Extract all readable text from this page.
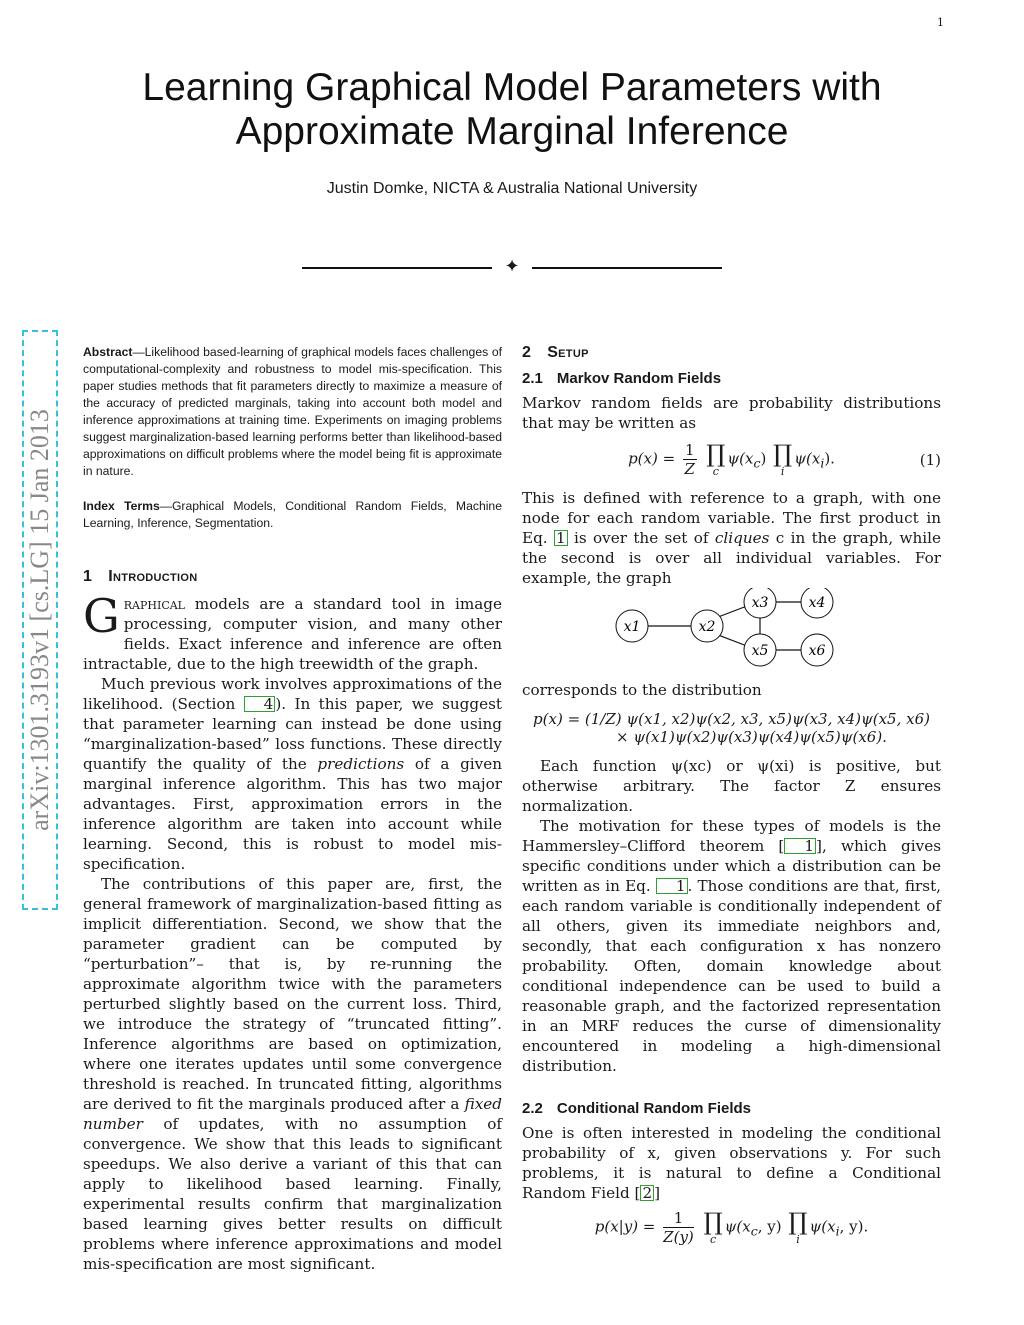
1
Learning Graphical Model Parameters with
Approximate Marginal Inference
Justin Domke, NICTA & Australia National University
✦
arXiv:1301.3193v1 [cs.LG] 15 Jan 2013

Abstract—Likelihood based-learning of graphical models faces challenges of computational-complexity and robustness to model mis-specification. This paper studies methods that fit parameters directly to maximize a measure of the accuracy of predicted marginals, taking into account both model and inference approximations at training time. Experiments on imaging problems suggest marginalization-based learning performs better than likelihood-based approximations on difficult problems where the model being fit is approximate in nature.

Index Terms—Graphical Models, Conditional Random Fields, Machine Learning, Inference, Segmentation.

1 Introduction

Graphical models are a standard tool in image processing, computer vision, and many other fields. Exact inference and inference are often intractable, due to the high treewidth of the graph.

Much previous work involves approximations of the likelihood. (Section 4 ). In this paper, we suggest that parameter learning can instead be done using “marginalization-based” loss functions. These directly quantify the quality of the predictions of a given marginal inference algorithm. This has two major advantages. First, approximation errors in the inference algorithm are taken into account while learning. Second, this is robust to model mis-specification.

The contributions of this paper are, first, the general framework of marginalization-based fitting as implicit differentiation. Second, we show that the parameter gradient can be computed by “perturbation”– that is, by re-running the approximate algorithm twice with the parameters perturbed slightly based on the current loss. Third, we introduce the strategy of “truncated fitting”. Inference algorithms are based on optimization, where one iterates updates until some convergence threshold is reached. In truncated fitting, algorithms are derived to fit the marginals produced after a fixed number of updates, with no assumption of convergence. We show that this leads to significant speedups. We also derive a variant of this that can apply to likelihood based learning. Finally, experimental results confirm that marginalization based learning gives better results on difficult problems where inference approximations and model mis-specification are most significant.

2 Setup
2.1 Markov Random Fields

Markov random fields are probability distributions that may be written as

$p(x) = \frac{1}{Z}$
∏
c
$\psi(x_c)$ ∏
i
$\psi(x_i)$.	(1)

This is defined with reference to a graph, with one node for each random variable. The first product in Eq. 1 is over the set of cliques c in the graph, while the second is over all individual variables. For example, the graph

x1	x2
x3	x4
x5	x6

corresponds to the distribution

p(x) = (1/Z) ψ(x1, x2)ψ(x2, x3, x5)ψ(x3, x4)ψ(x5, x6)
× ψ(x1)ψ(x2)ψ(x3)ψ(x4)ψ(x5)ψ(x6).

Each function ψ(xc) or ψ(xi) is positive, but otherwise arbitrary. The factor Z ensures normalization.

The motivation for these types of models is the Hammersley–Clifford theorem [ 1 ], which gives specific conditions under which a distribution can be written as in Eq. 1 . Those conditions are that, first, each random variable is conditionally independent of all others, given its immediate neighbors and, secondly, that each configuration x has nonzero probability. Often, domain knowledge about conditional independence can be used to build a reasonable graph, and the factorized representation in an MRF reduces the curse of dimensionality encountered in modeling a high-dimensional distribution.

2.2 Conditional Random Fields

One is often interested in modeling the conditional probability of x, given observations y. For such problems, it is natural to define a Conditional Random Field [ 2 ]

$p(x|y) = \frac{1}{Z(y)}$
∏
c
$\psi(x_c$, y) ∏
i
$\psi(x_i$, y).
